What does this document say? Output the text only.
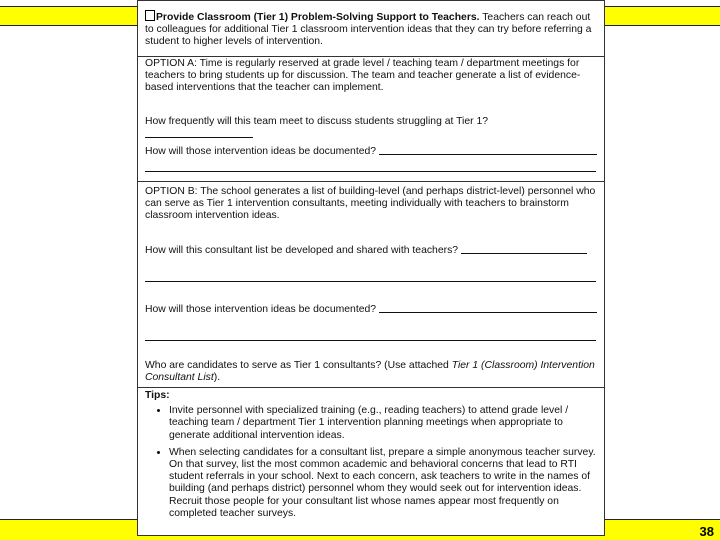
38
Provide Classroom (Tier 1) Problem-Solving Support to Teachers. Teachers can reach out to colleagues for additional Tier 1 classroom intervention ideas that they can try before referring a student to higher levels of intervention.
OPTION A: Time is regularly reserved at grade level / teaching team / department meetings for teachers to bring students up for discussion. The team and teacher generate a list of evidence-based interventions that the teacher can implement.
How frequently will this team meet to discuss students struggling at Tier 1?
How will those intervention ideas be documented?
OPTION B: The school generates a list of building-level (and perhaps district-level) personnel who can serve as Tier 1 intervention consultants, meeting individually with teachers to brainstorm classroom intervention ideas.
How will this consultant list be developed and shared with teachers?
How will those intervention ideas be documented?
Who are candidates to serve as Tier 1 consultants? (Use attached Tier 1 (Classroom) Intervention Consultant List).
Tips:
• Invite personnel with specialized training (e.g., reading teachers) to attend grade level / teaching team / department Tier 1 intervention planning meetings when appropriate to generate additional intervention ideas.
• When selecting candidates for a consultant list, prepare a simple anonymous teacher survey. On that survey, list the most common academic and behavioral concerns that lead to RTI student referrals in your school. Next to each concern, ask teachers to write in the names of building (and perhaps district) personnel whom they would seek out for intervention ideas. Recruit those people for your consultant list whose names appear most frequently on completed teacher surveys.
